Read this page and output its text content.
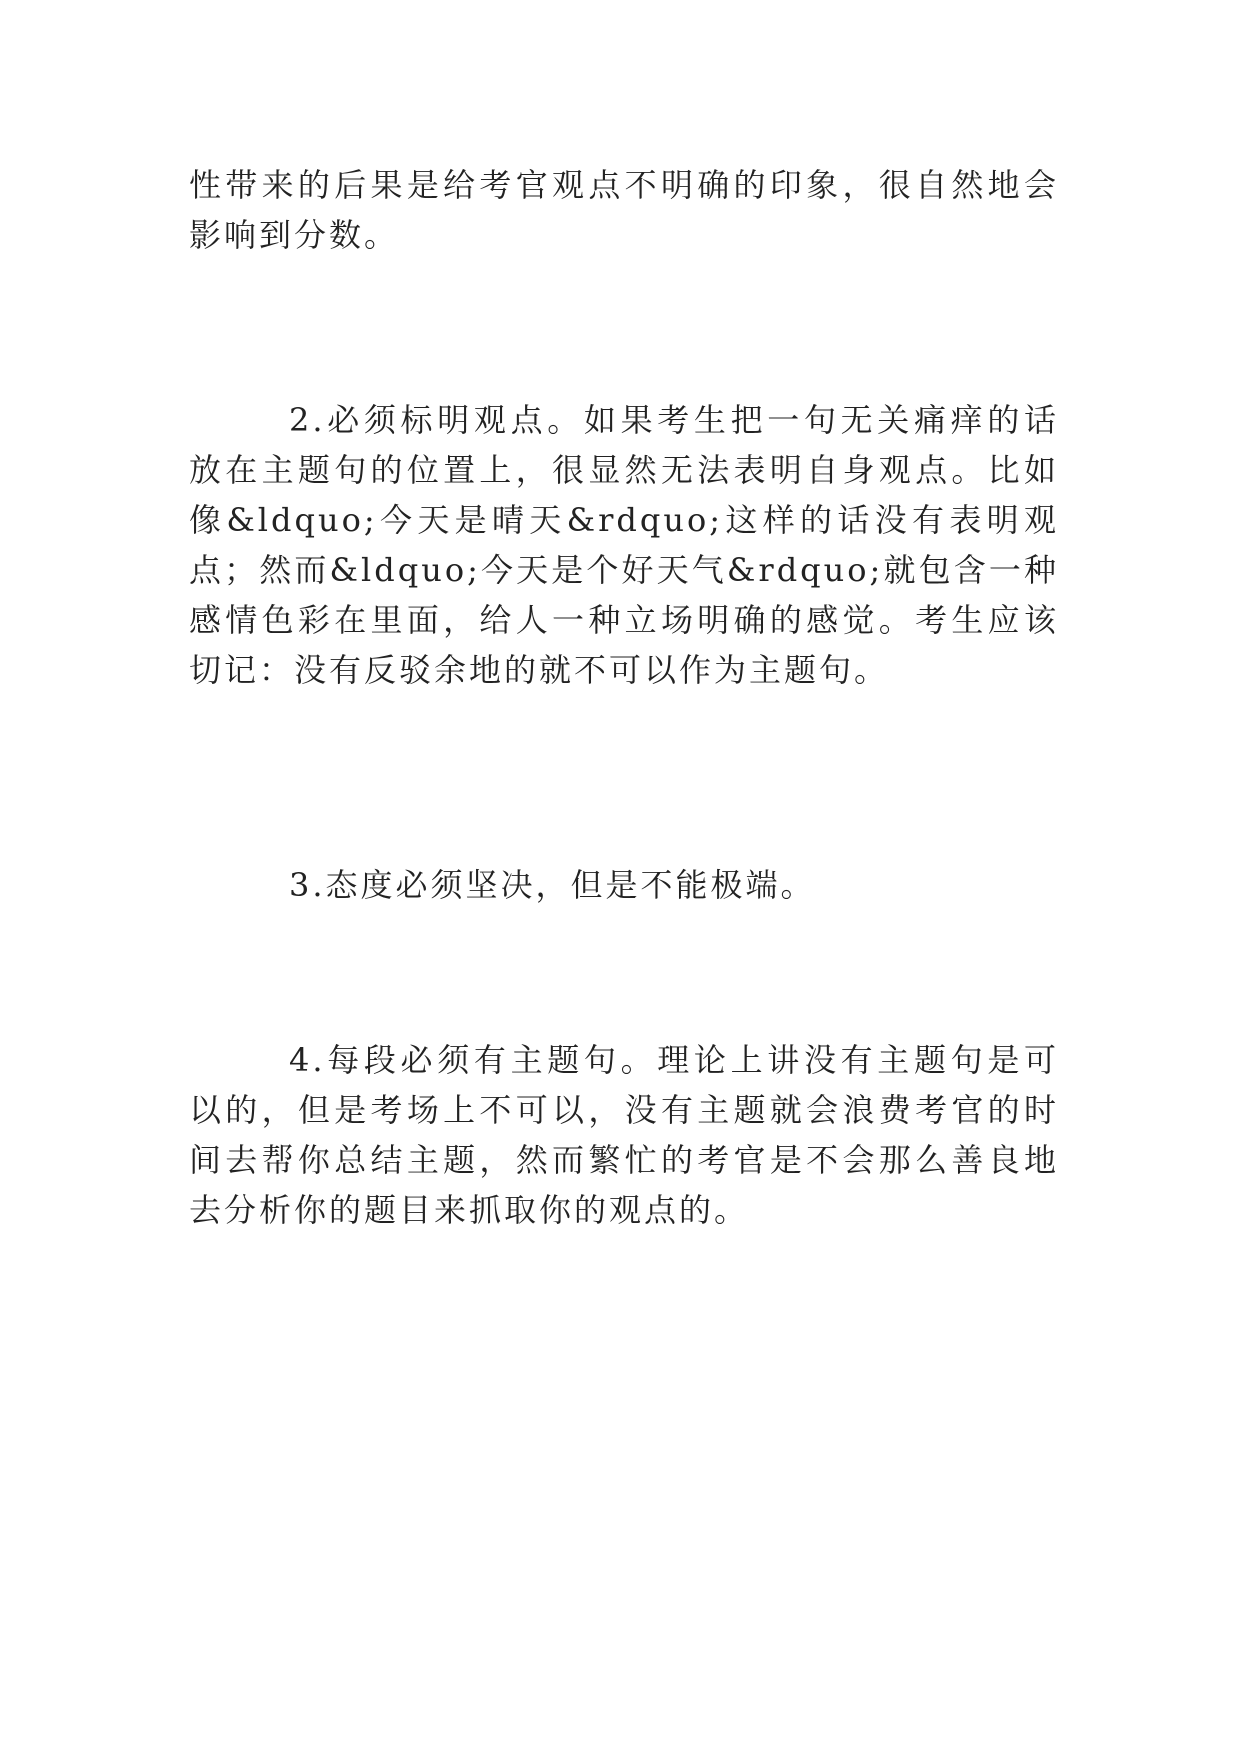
性带来的后果是给考官观点不明确的印象，很自然地会影响到分数。

2.必须标明观点。如果考生把一句无关痛痒的话放在主题句的位置上，很显然无法表明自身观点。比如像&ldquo;今天是晴天&rdquo;这样的话没有表明观点；然而&ldquo;今天是个好天气&rdquo;就包含一种感情色彩在里面，给人一种立场明确的感觉。考生应该切记：没有反驳余地的就不可以作为主题句。

3.态度必须坚决，但是不能极端。

4.每段必须有主题句。理论上讲没有主题句是可以的，但是考场上不可以，没有主题就会浪费考官的时间去帮你总结主题，然而繁忙的考官是不会那么善良地去分析你的题目来抓取你的观点的。
